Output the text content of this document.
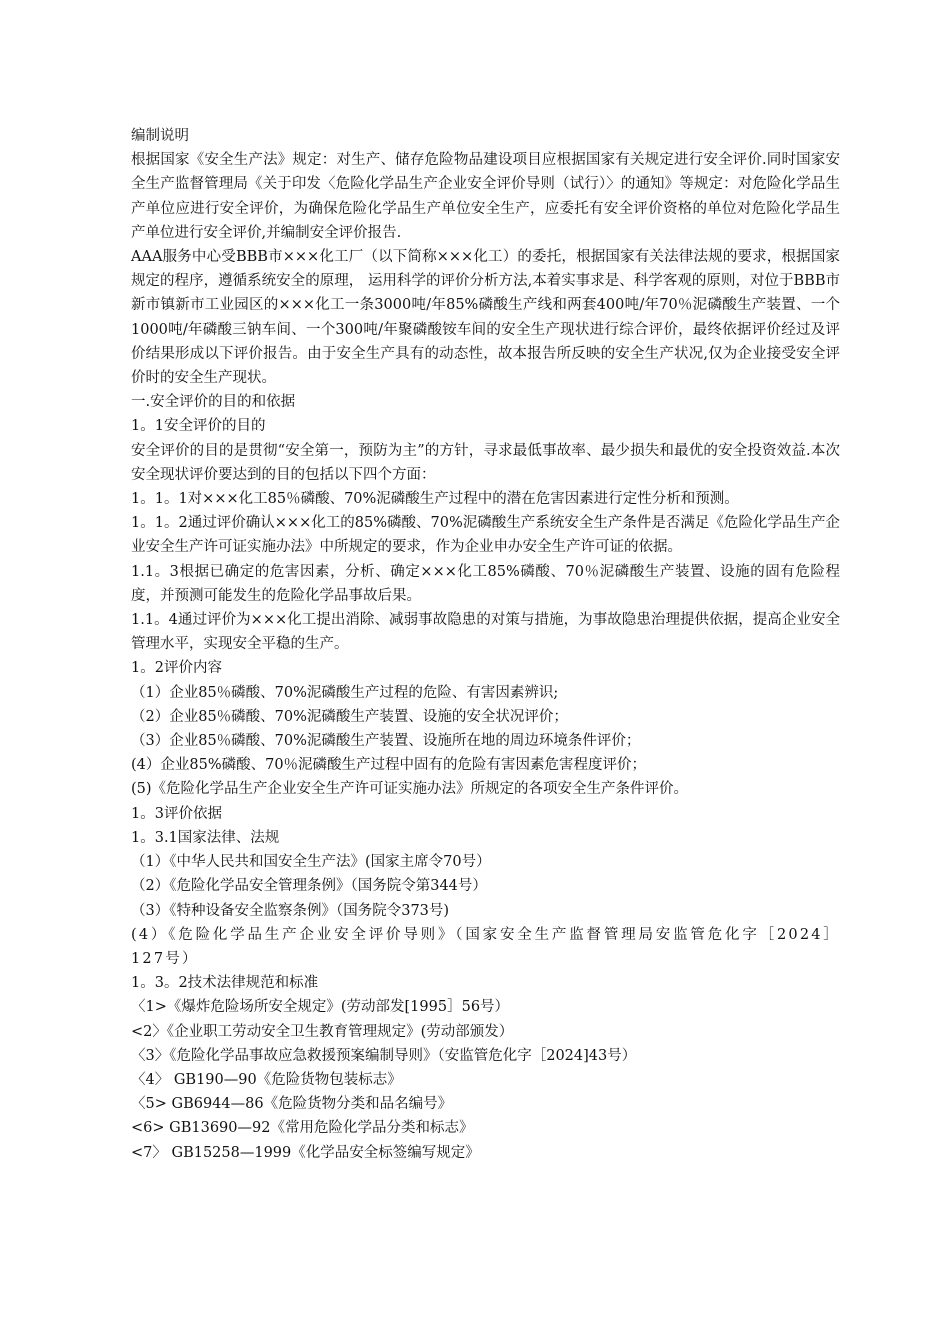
编制说明

根据国家《安全生产法》规定：对生产、储存危险物品建设项目应根据国家有关规定进行安全评价.同时国家安全生产监督管理局《关于印发〈危险化学品生产企业安全评价导则（试行）〉的通知》等规定：对危险化学品生产单位应进行安全评价，为确保危险化学品生产单位安全生产，应委托有安全评价资格的单位对危险化学品生产单位进行安全评价,并编制安全评价报告.

AAA服务中心受BBB市×××化工厂（以下简称×××化工）的委托，根据国家有关法律法规的要求，根据国家规定的程序，遵循系统安全的原理， 运用科学的评价分析方法,本着实事求是、科学客观的原则，对位于BBB市新市镇新市工业园区的×××化工一条3000吨/年85%磷酸生产线和两套400吨/年70％泥磷酸生产装置、一个1000吨/年磷酸三钠车间、一个300吨/年聚磷酸铵车间的安全生产现状进行综合评价，最终依据评价经过及评价结果形成以下评价报告。由于安全生产具有的动态性，故本报告所反映的安全生产状况,仅为企业接受安全评价时的安全生产现状。

一.安全评价的目的和依据

1。1安全评价的目的

安全评价的目的是贯彻“安全第一，预防为主”的方针，寻求最低事故率、最少损失和最优的安全投资效益.本次安全现状评价要达到的目的包括以下四个方面：

1。1。1对×××化工85％磷酸、70%泥磷酸生产过程中的潜在危害因素进行定性分析和预测。

1。1。2通过评价确认×××化工的85%磷酸、70%泥磷酸生产系统安全生产条件是否满足《危险化学品生产企业安全生产许可证实施办法》中所规定的要求，作为企业申办安全生产许可证的依据。

1.1。3根据已确定的危害因素，分析、确定×××化工85%磷酸、70％泥磷酸生产装置、设施的固有危险程度，并预测可能发生的危险化学品事故后果。

1.1。4通过评价为×××化工提出消除、减弱事故隐患的对策与措施，为事故隐患治理提供依据，提高企业安全管理水平，实现安全平稳的生产。

1。2评价内容

（1）企业85％磷酸、70%泥磷酸生产过程的危险、有害因素辨识;

（2）企业85％磷酸、70%泥磷酸生产装置、设施的安全状况评价；

（3）企业85％磷酸、70%泥磷酸生产装置、设施所在地的周边环境条件评价；

(4）企业85%磷酸、70％泥磷酸生产过程中固有的危险有害因素危害程度评价；

(5)《危险化学品生产企业安全生产许可证实施办法》所规定的各项安全生产条件评价。

1。3评价依据

1。3.1国家法律、法规

（1）《中华人民共和国安全生产法》(国家主席令70号）

（2）《危险化学品安全管理条例》（国务院令第344号）

（3）《特种设备安全监察条例》（国务院令373号)

(4）《危险化学品生产企业安全评价导则》（国家安全生产监督管理局安监管危化字［2024］127号）

1。3。2技术法律规范和标准

〈1>《爆炸危险场所安全规定》(劳动部发[1995］56号）

<2〉《企业职工劳动安全卫生教育管理规定》(劳动部颁发）

〈3〉《危险化学品事故应急救援预案编制导则》（安监管危化字［2024]43号）

〈4〉 GB190—90《危险货物包装标志》

〈5> GB6944—86《危险货物分类和品名编号》

<6> GB13690—92《常用危险化学品分类和标志》

<7〉 GB15258—1999《化学品安全标签编写规定》
